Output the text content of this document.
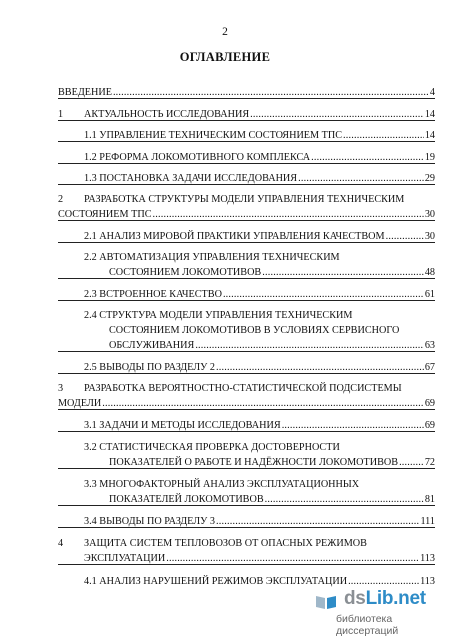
2
ОГЛАВЛЕНИЕ
ВВЕДЕНИЕ .....	4
1 АКТУАЛЬНОСТЬ ИССЛЕДОВАНИЯ .....	14
1.1 УПРАВЛЕНИЕ ТЕХНИЧЕСКИМ СОСТОЯНИЕМ ТПС .....	14
1.2 РЕФОРМА ЛОКОМОТИВНОГО КОМПЛЕКСА .....	19
1.3 ПОСТАНОВКА ЗАДАЧИ ИССЛЕДОВАНИЯ .....	29
2 РАЗРАБОТКА СТРУКТУРЫ МОДЕЛИ УПРАВЛЕНИЯ ТЕХНИЧЕСКИМ
СОСТОЯНИЕМ ТПС .....	30
2.1 АНАЛИЗ МИРОВОЙ ПРАКТИКИ УПРАВЛЕНИЯ КАЧЕСТВОМ .....	30
2.2 АВТОМАТИЗАЦИЯ УПРАВЛЕНИЯ ТЕХНИЧЕСКИМ
СОСТОЯНИЕМ ЛОКОМОТИВОВ .....	48
2.3 ВСТРОЕННОЕ КАЧЕСТВО .....	61
2.4 СТРУКТУРА МОДЕЛИ УПРАВЛЕНИЯ ТЕХНИЧЕСКИМ
СОСТОЯНИЕМ ЛОКОМОТИВОВ В УСЛОВИЯХ СЕРВИСНОГО
ОБСЛУЖИВАНИЯ .....	63
2.5 ВЫВОДЫ ПО РАЗДЕЛУ 2 .....	67
3 РАЗРАБОТКА ВЕРОЯТНОСТНО-СТАТИСТИЧЕСКОЙ ПОДСИСТЕМЫ
МОДЕЛИ .....	69
3.1 ЗАДАЧИ И МЕТОДЫ ИССЛЕДОВАНИЯ .....	69
3.2 СТАТИСТИЧЕСКАЯ ПРОВЕРКА ДОСТОВЕРНОСТИ
ПОКАЗАТЕЛЕЙ О РАБОТЕ И НАДЁЖНОСТИ ЛОКОМОТИВОВ .....	72
3.3 МНОГОФАКТОРНЫЙ АНАЛИЗ ЭКСПЛУАТАЦИОННЫХ
ПОКАЗАТЕЛЕЙ ЛОКОМОТИВОВ .....	81
3.4 ВЫВОДЫ ПО РАЗДЕЛУ 3 .....	111
4 ЗАЩИТА СИСТЕМ ТЕПЛОВОЗОВ ОТ ОПАСНЫХ РЕЖИМОВ
ЭКСПЛУАТАЦИИ .....	113
4.1 АНАЛИЗ НАРУШЕНИЙ РЕЖИМОВ ЭКСПЛУАТАЦИИ .....	113
dsLib.net
библиотека диссертаций
